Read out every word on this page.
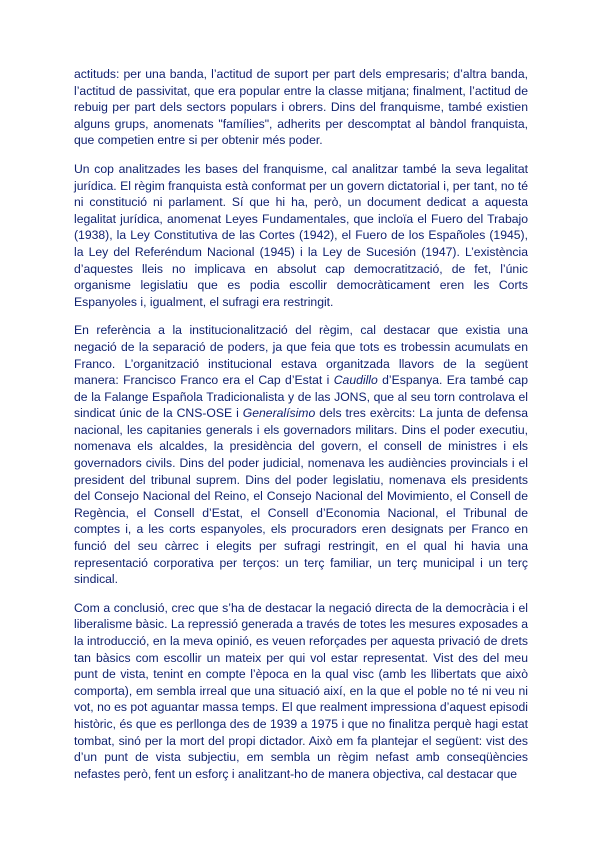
actituds: per una banda, l’actitud de suport per part dels empresaris; d’altra banda, l’actitud de passivitat, que era popular entre la classe mitjana; finalment, l’actitud de rebuig per part dels sectors populars i obrers. Dins del franquisme, també existien alguns grups, anomenats "famílies", adherits per descomptat al bàndol franquista, que competien entre si per obtenir més poder.

Un cop analitzades les bases del franquisme, cal analitzar també la seva legalitat jurídica. El règim franquista està conformat per un govern dictatorial i, per tant, no té ni constitució ni parlament. Sí que hi ha, però, un document dedicat a aquesta legalitat jurídica, anomenat Leyes Fundamentales, que incloïa el Fuero del Trabajo (1938), la Ley Constitutiva de las Cortes (1942), el Fuero de los Españoles (1945), la Ley del Referéndum Nacional (1945) i la Ley de Sucesión (1947). L’existència d’aquestes lleis no implicava en absolut cap democratització, de fet, l’únic organisme legislatiu que es podia escollir democràticament eren les Corts Espanyoles i, igualment, el sufragi era restringit.

En referència a la institucionalització del règim, cal destacar que existia una negació de la separació de poders, ja que feia que tots es trobessin acumulats en Franco. L’organització institucional estava organitzada llavors de la següent manera: Francisco Franco era el Cap d’Estat i Caudillo d’Espanya. Era també cap de la Falange Española Tradicionalista y de las JONS, que al seu torn controlava el sindicat únic de la CNS-OSE i Generalísimo dels tres exèrcits: La junta de defensa nacional, les capitanies generals i els governadors militars. Dins el poder executiu, nomenava els alcaldes, la presidència del govern, el consell de ministres i els governadors civils. Dins del poder judicial, nomenava les audiències provincials i el president del tribunal suprem. Dins del poder legislatiu, nomenava els presidents del Consejo Nacional del Reino, el Consejo Nacional del Movimiento, el Consell de Regència, el Consell d’Estat, el Consell d’Economia Nacional, el Tribunal de comptes i, a les corts espanyoles, els procuradors eren designats per Franco en funció del seu càrrec i elegits per sufragi restringit, en el qual hi havia una representació corporativa per terços: un terç familiar, un terç municipal i un terç sindical.

Com a conclusió, crec que s’ha de destacar la negació directa de la democràcia i el liberalisme bàsic. La repressió generada a través de totes les mesures exposades a la introducció, en la meva opinió, es veuen reforçades per aquesta privació de drets tan bàsics com escollir un mateix per qui vol estar representat. Vist des del meu punt de vista, tenint en compte l’època en la qual visc (amb les llibertats que això comporta), em sembla irreal que una situació així, en la que el poble no té ni veu ni vot, no es pot aguantar massa temps. El que realment impressiona d’aquest episodi històric, és que es perllonga des de 1939 a 1975 i que no finalitza perquè hagi estat tombat, sinó per la mort del propi dictador. Això em fa plantejar el següent: vist des d’un punt de vista subjectiu, em sembla un règim nefast amb conseqüències nefastes però, fent un esforç i analitzant-ho de manera objectiva, cal destacar que
